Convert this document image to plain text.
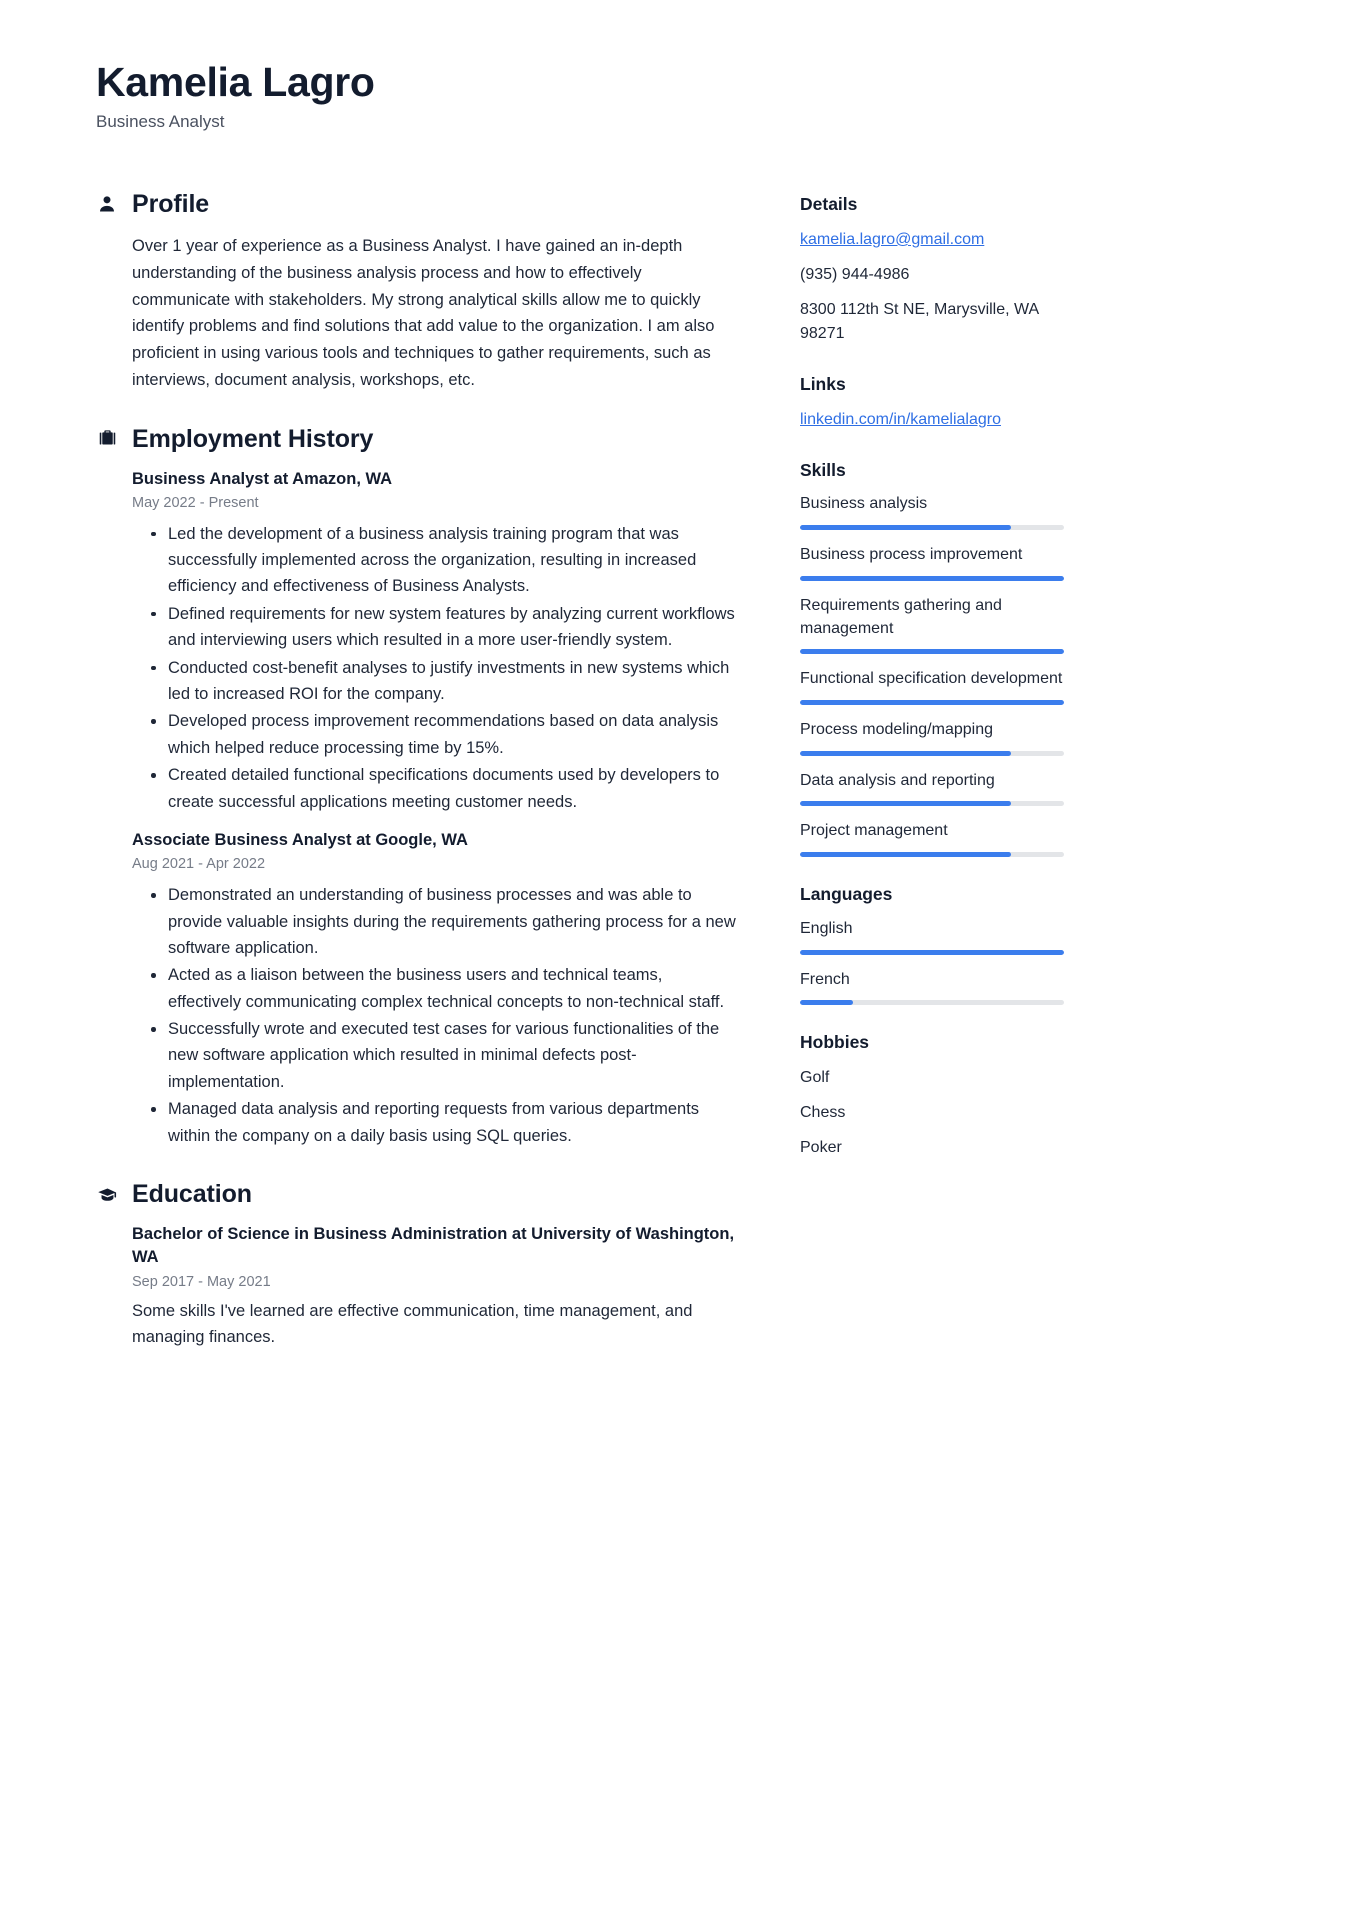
Kamelia Lagro

Business Analyst

Profile

Over 1 year of experience as a Business Analyst. I have gained an in-depth understanding of the business analysis process and how to effectively communicate with stakeholders. My strong analytical skills allow me to quickly identify problems and find solutions that add value to the organization. I am also proficient in using various tools and techniques to gather requirements, such as interviews, document analysis, workshops, etc.

Employment History

Business Analyst at Amazon, WA

May 2022 - Present

Led the development of a business analysis training program that was successfully implemented across the organization, resulting in increased efficiency and effectiveness of Business Analysts.
Defined requirements for new system features by analyzing current workflows and interviewing users which resulted in a more user-friendly system.
Conducted cost-benefit analyses to justify investments in new systems which led to increased ROI for the company.
Developed process improvement recommendations based on data analysis which helped reduce processing time by 15%.
Created detailed functional specifications documents used by developers to create successful applications meeting customer needs.

Associate Business Analyst at Google, WA

Aug 2021 - Apr 2022

Demonstrated an understanding of business processes and was able to provide valuable insights during the requirements gathering process for a new software application.
Acted as a liaison between the business users and technical teams, effectively communicating complex technical concepts to non-technical staff.
Successfully wrote and executed test cases for various functionalities of the new software application which resulted in minimal defects post-implementation.
Managed data analysis and reporting requests from various departments within the company on a daily basis using SQL queries.
Education

Bachelor of Science in Business Administration at University of Washington, WA

Sep 2017 - May 2021

Some skills I've learned are effective communication, time management, and managing finances.

Details

kamelia.lagro@gmail.com

(935) 944-4986

8300 112th St NE, Marysville, WA 98271

Links

linkedin.com/in/kamelialagro

Skills

Business analysis

Business process improvement

Requirements gathering and management

Functional specification development

Process modeling/mapping

Data analysis and reporting

Project management

Languages

English

French

Hobbies

Golf

Chess

Poker
